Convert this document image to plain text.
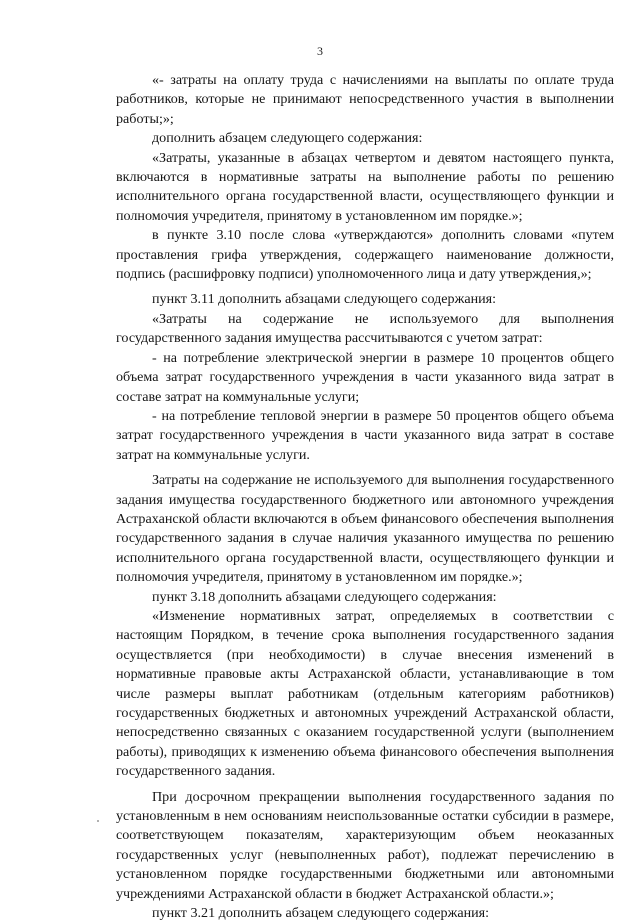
3

«- затраты на оплату труда с начислениями на выплаты по оплате труда работников, которые не принимают непосредственного участия в выполнении работы;»;

дополнить абзацем следующего содержания:

«Затраты, указанные в абзацах четвертом и девятом настоящего пункта, включаются в нормативные затраты на выполнение работы по решению исполнительного органа государственной власти, осуществляющего функции и полномочия учредителя, принятому в установленном им порядке.»;

в пункте 3.10 после слова «утверждаются» дополнить словами «путем проставления грифа утверждения, содержащего наименование должности, подпись (расшифровку подписи) уполномоченного лица и дату утверждения,»;

пункт 3.11 дополнить абзацами следующего содержания:

«Затраты на содержание не используемого для выполнения государственного задания имущества рассчитываются с учетом затрат:

- на потребление электрической энергии в размере 10 процентов общего объема затрат государственного учреждения в части указанного вида затрат в составе затрат на коммунальные услуги;

- на потребление тепловой энергии в размере 50 процентов общего объема затрат государственного учреждения в части указанного вида затрат в составе затрат на коммунальные услуги.

Затраты на содержание не используемого для выполнения государственного задания имущества государственного бюджетного или автономного учреждения Астраханской области включаются в объем финансового обеспечения выполнения государственного задания в случае наличия указанного имущества по решению исполнительного органа государственной власти, осуществляющего функции и полномочия учредителя, принятому в установленном им порядке.»;

пункт 3.18 дополнить абзацами следующего содержания:

«Изменение нормативных затрат, определяемых в соответствии с настоящим Порядком, в течение срока выполнения государственного задания осуществляется (при необходимости) в случае внесения изменений в нормативные правовые акты Астраханской области, устанавливающие в том числе размеры выплат работникам (отдельным категориям работников) государственных бюджетных и автономных учреждений Астраханской области, непосредственно связанных с оказанием государственной услуги (выполнением работы), приводящих к изменению объема финансового обеспечения выполнения государственного задания.

При досрочном прекращении выполнения государственного задания по установленным в нем основаниям неиспользованные остатки субсидии в размере, соответствующем показателям, характеризующим объем неоказанных государственных услуг (невыполненных работ), подлежат перечислению в установленном порядке государственными бюджетными или автономными учреждениями Астраханской области в бюджет Астраханской области.»;

пункт 3.21 дополнить абзацем следующего содержания:
